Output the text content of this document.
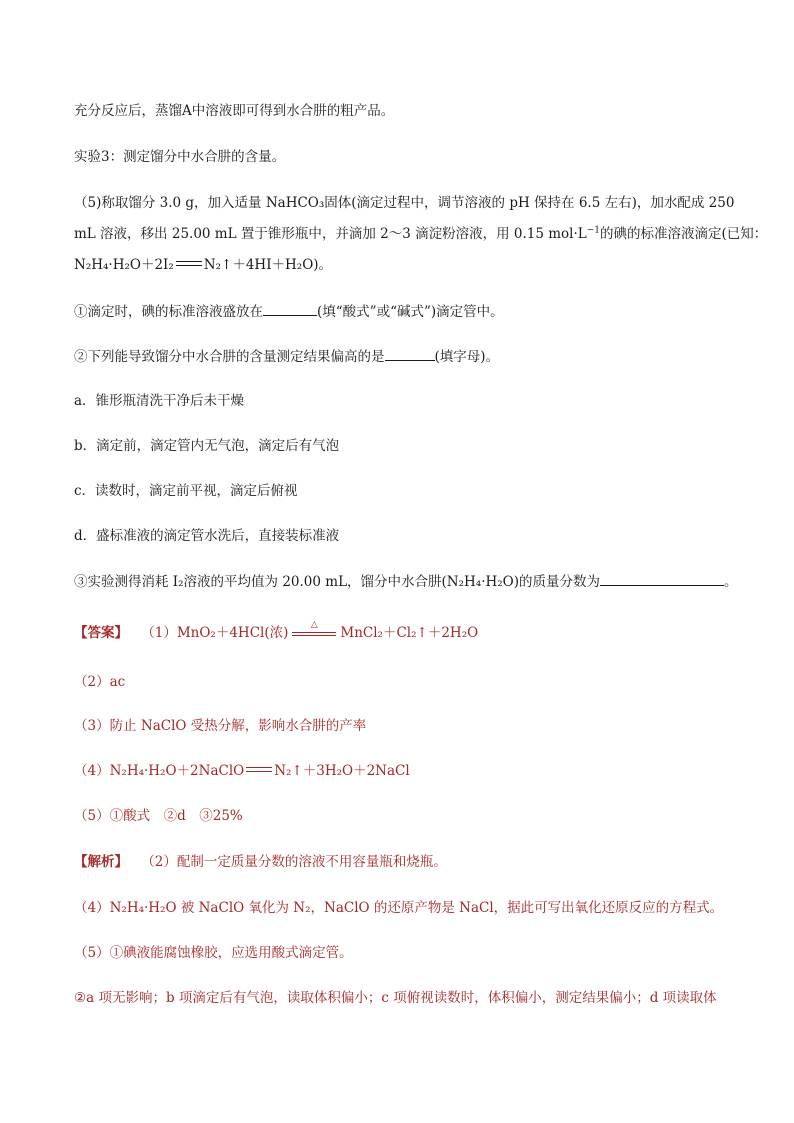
充分反应后，蒸馏A中溶液即可得到水合肼的粗产品。
实验3：测定馏分中水合肼的含量。
（5)称取馏分 3.0 g，加入适量 NaHCO₃固体(滴定过程中，调节溶液的 pH 保持在 6.5 左右)，加水配成 250
mL 溶液，移出 25.00 mL 置于锥形瓶中，并滴加 2～3 滴淀粉溶液，用 0.15 $mol\cdot L^{-1}$的碘的标准溶液滴定(已知：
N₂H₄·H₂O＋2I₂ N₂↑＋4HI＋H₂O)。
①滴定时，碘的标准溶液盛放在	(填“酸式”或“碱式”)滴定管中。
②下列能导致馏分中水合肼的含量测定结果偏高的是	(填字母)。
a．锥形瓶清洗干净后未干燥
b．滴定前，滴定管内无气泡，滴定后有气泡
c．读数时，滴定前平视，滴定后俯视
d．盛标准液的滴定管水洗后，直接装标准液
③实验测得消耗 I₂溶液的平均值为 20.00 mL，馏分中水合肼(N₂H₄·H₂O)的质量分数为	。
【答案】 （1）MnO₂＋4HCl(浓)	△	MnCl₂＋Cl₂↑＋2H₂O
（2）ac
（3）防止 NaClO 受热分解，影响水合肼的产率
（4）N₂H₄·H₂O＋2NaClO N₂↑＋3H₂O＋2NaCl
（5）①酸式　②d　③25%
【解析】 （2）配制一定质量分数的溶液不用容量瓶和烧瓶。
（4）N₂H₄·H₂O 被 NaClO 氧化为 N₂，NaClO 的还原产物是 NaCl，据此可写出氧化还原反应的方程式。
（5）①碘液能腐蚀橡胶，应选用酸式滴定管。
②a 项无影响；b 项滴定后有气泡，读取体积偏小；c 项俯视读数时，体积偏小，测定结果偏小；d 项读取体
